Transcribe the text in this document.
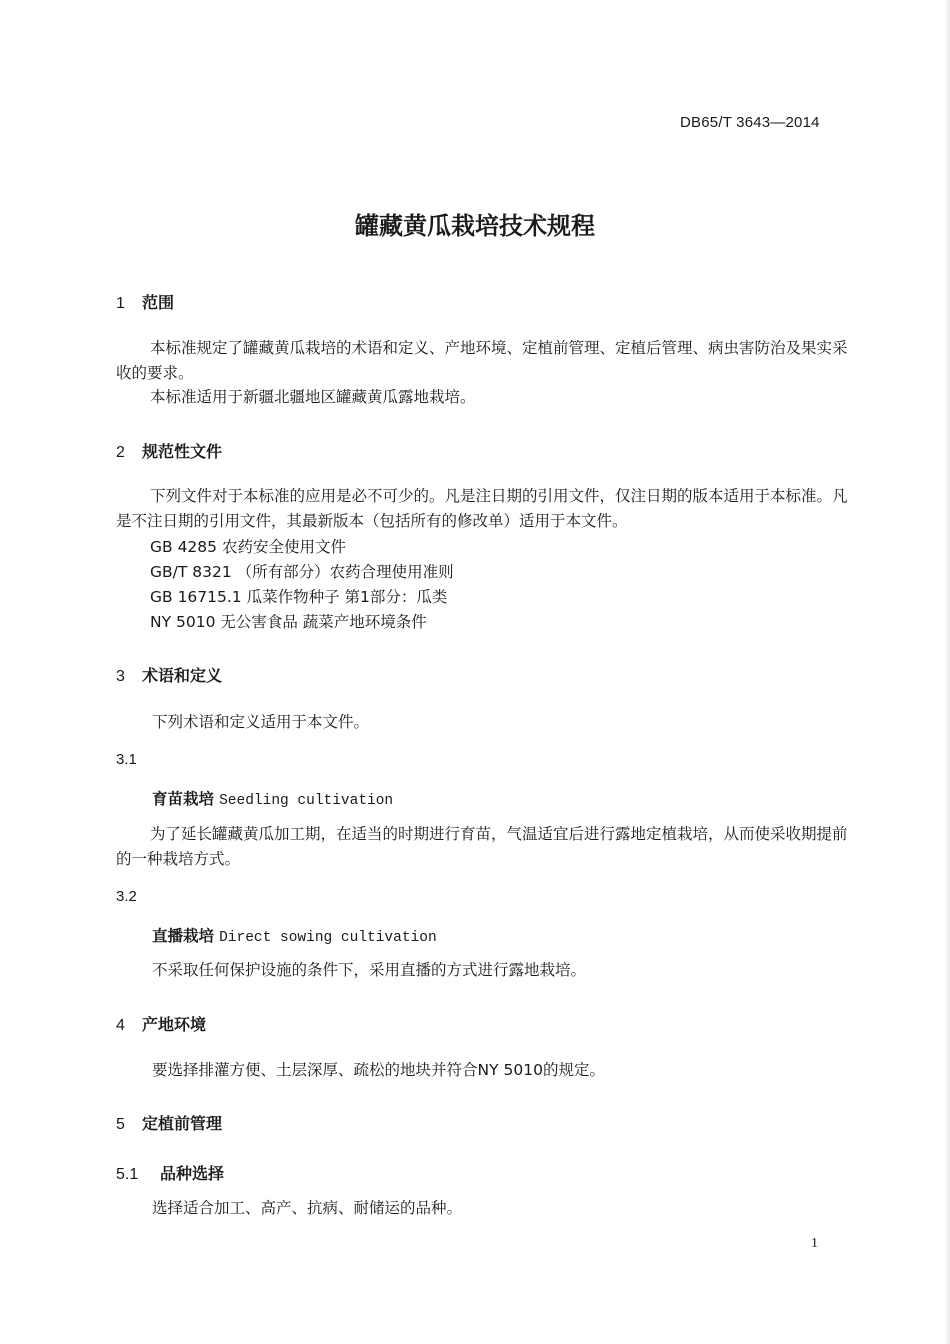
DB65/T 3643—2014
罐藏黄瓜栽培技术规程
1 范围
本标准规定了罐藏黄瓜栽培的术语和定义、产地环境、定植前管理、定植后管理、病虫害防治及果实采收的要求。
本标准适用于新疆北疆地区罐藏黄瓜露地栽培。
2 规范性文件
下列文件对于本标准的应用是必不可少的。凡是注日期的引用文件，仅注日期的版本适用于本标准。凡是不注日期的引用文件，其最新版本（包括所有的修改单）适用于本文件。
GB 4285 农药安全使用文件
GB/T 8321 （所有部分）农药合理使用准则
GB 16715.1 瓜菜作物种子 第1部分：瓜类
NY 5010 无公害食品 蔬菜产地环境条件
3 术语和定义
下列术语和定义适用于本文件。
3.1
育苗栽培 Seedling cultivation
为了延长罐藏黄瓜加工期，在适当的时期进行育苗，气温适宜后进行露地定植栽培，从而使采收期提前的一种栽培方式。
3.2
直播栽培 Direct sowing cultivation
不采取任何保护设施的条件下，采用直播的方式进行露地栽培。
4 产地环境
要选择排灌方便、土层深厚、疏松的地块并符合NY 5010的规定。
5 定植前管理
5.1 品种选择
选择适合加工、高产、抗病、耐储运的品种。
1
